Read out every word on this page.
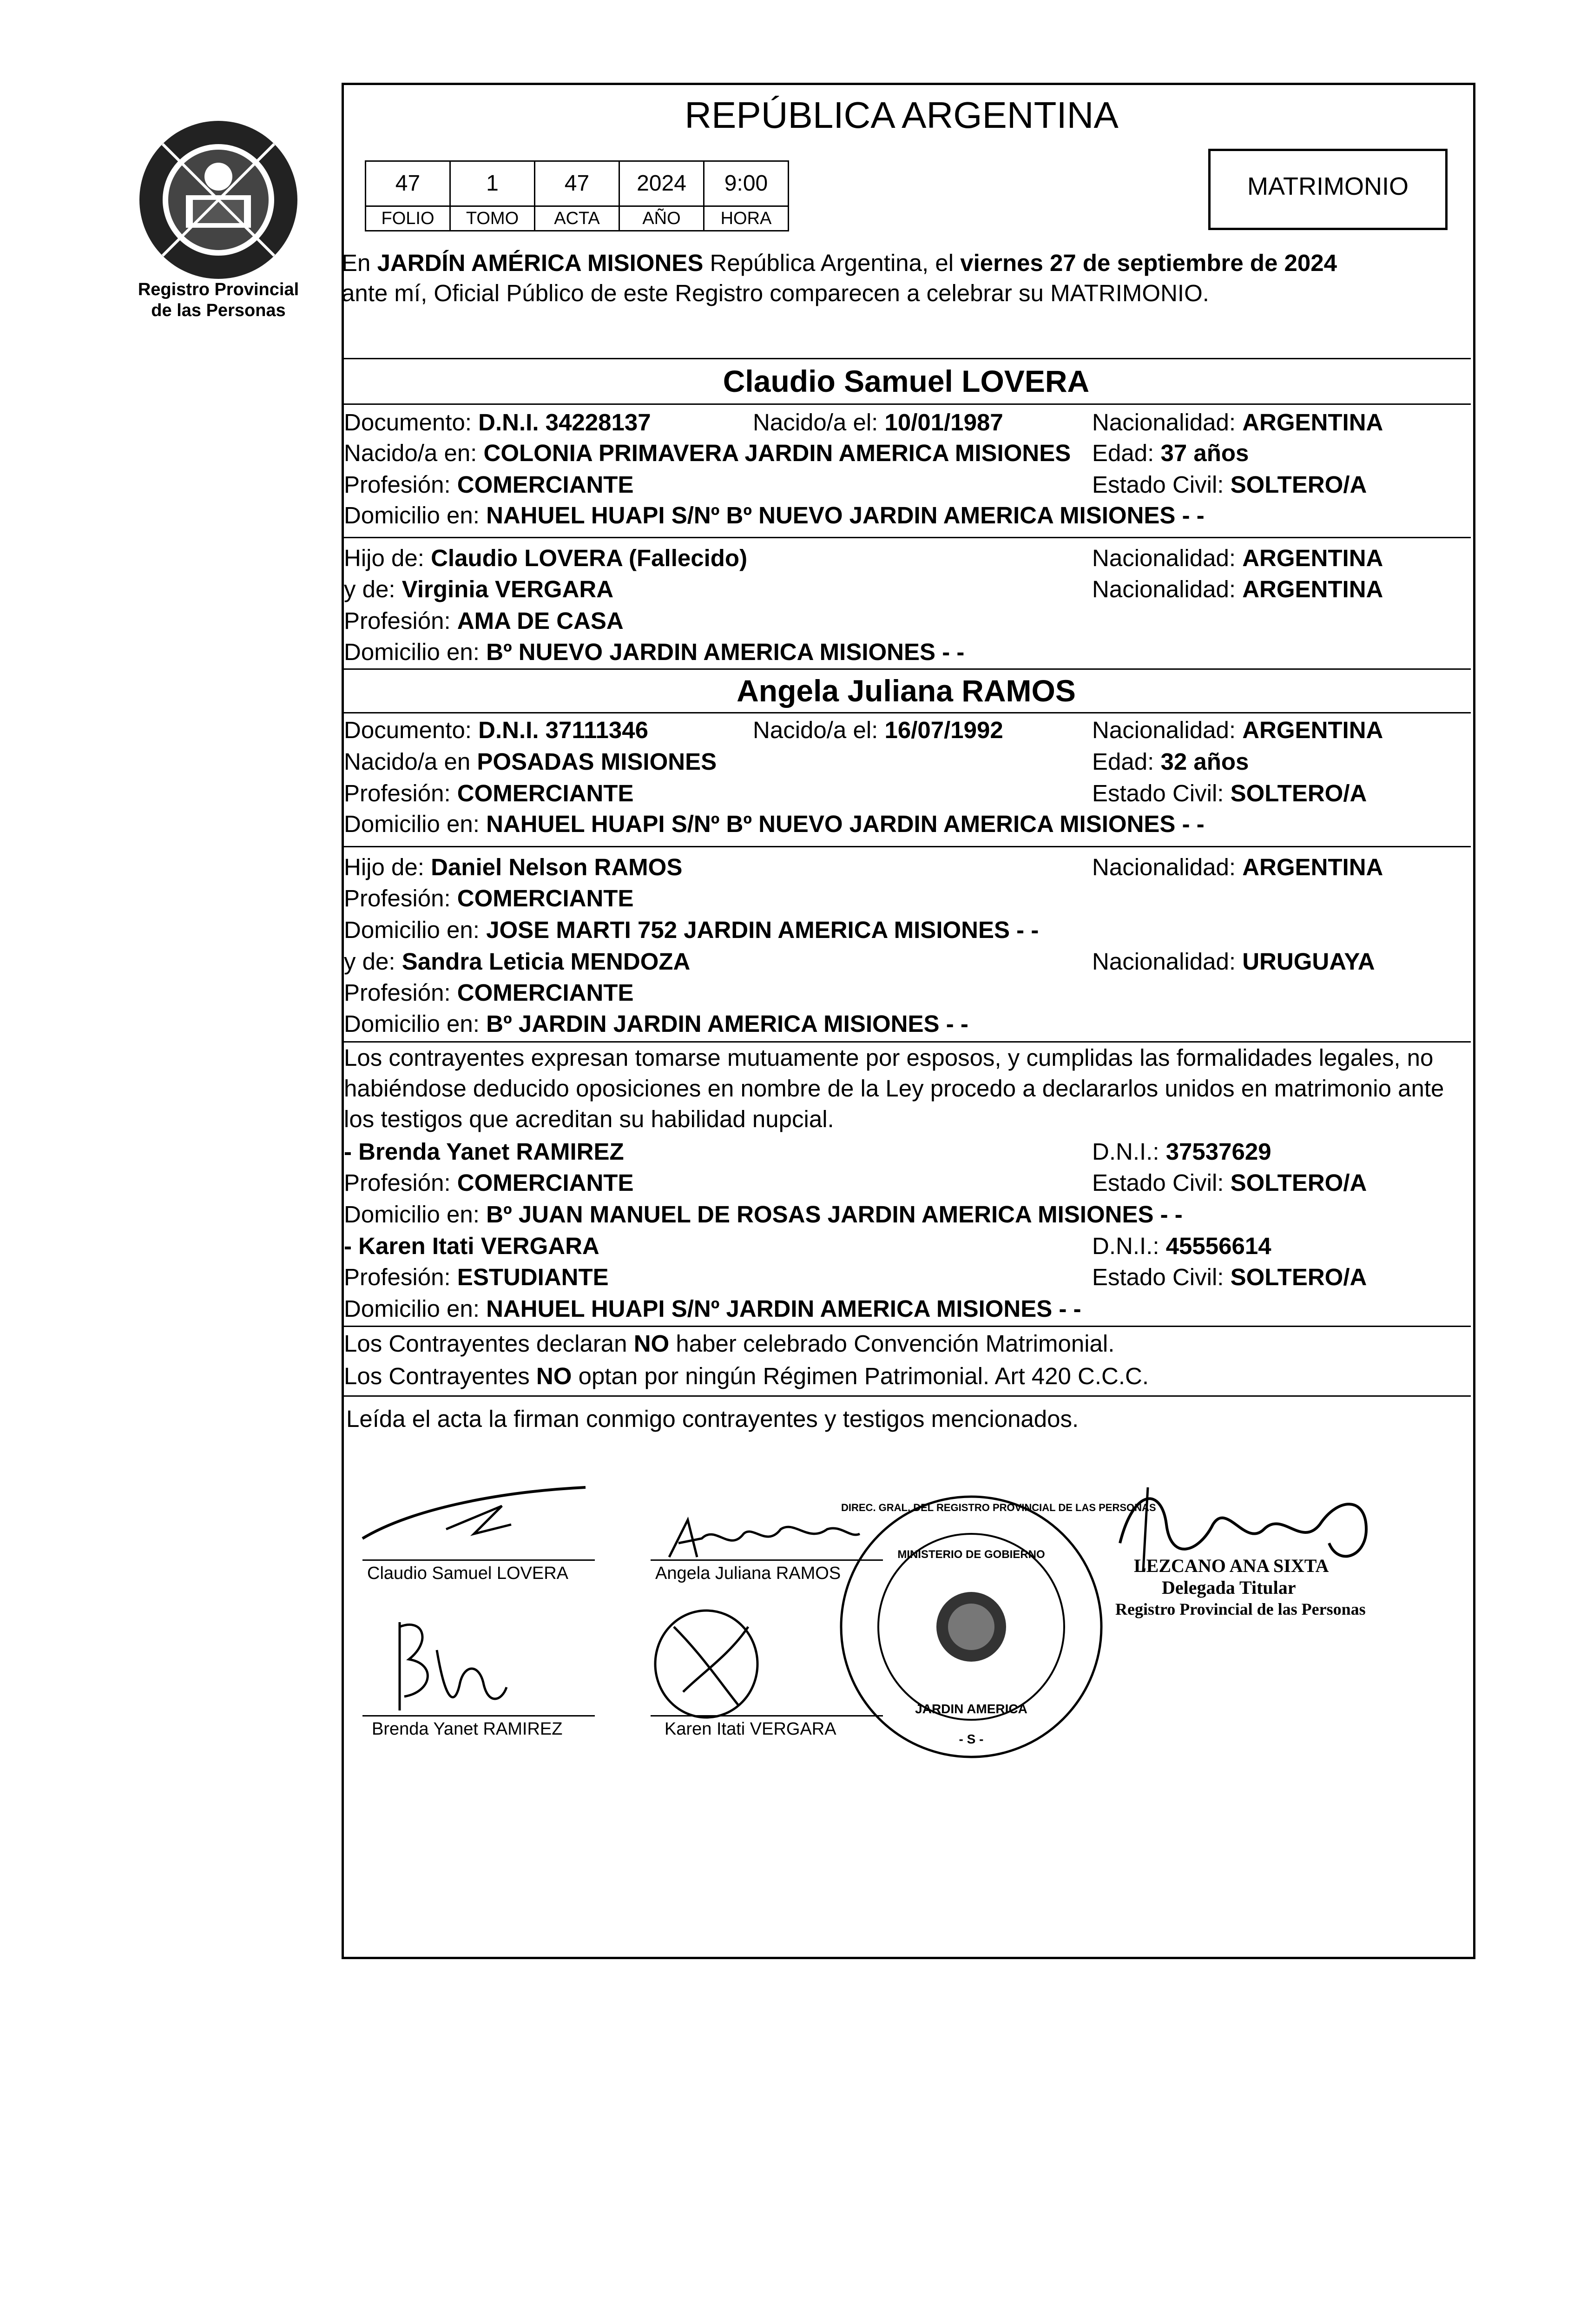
Registro Provincial
de las Personas
REPÚBLICA ARGENTINA
47	1	47	2024	9:00
FOLIO	TOMO	ACTA	AÑO	HORA
MATRIMONIO
En JARDÍN AMÉRICA MISIONES República Argentina, el viernes 27 de septiembre de 2024
ante mí, Oficial Público de este Registro comparecen a celebrar su MATRIMONIO.
Claudio Samuel LOVERA
Documento: D.N.I. 34228137	Nacido/a el: 10/01/1987	Nacionalidad: ARGENTINA
Nacido/a en: COLONIA PRIMAVERA JARDIN AMERICA MISIONES Edad: 37 años
Profesión: COMERCIANTE	Estado Civil: SOLTERO/A
Domicilio en: NAHUEL HUAPI S/Nº Bº NUEVO JARDIN AMERICA MISIONES - -
Hijo de: Claudio LOVERA (Fallecido)	Nacionalidad: ARGENTINA
y de: Virginia VERGARA	Nacionalidad: ARGENTINA
Profesión: AMA DE CASA
Domicilio en: Bº NUEVO JARDIN AMERICA MISIONES - -
Angela Juliana RAMOS
Documento: D.N.I. 37111346	Nacido/a el: 16/07/1992	Nacionalidad: ARGENTINA
Nacido/a en POSADAS MISIONES	Edad: 32 años
Profesión: COMERCIANTE	Estado Civil: SOLTERO/A
Domicilio en: NAHUEL HUAPI S/Nº Bº NUEVO JARDIN AMERICA MISIONES - -
Hijo de: Daniel Nelson RAMOS	Nacionalidad: ARGENTINA
Profesión: COMERCIANTE
Domicilio en: JOSE MARTI 752 JARDIN AMERICA MISIONES - -
y de: Sandra Leticia MENDOZA	Nacionalidad: URUGUAYA
Profesión: COMERCIANTE
Domicilio en: Bº JARDIN JARDIN AMERICA MISIONES - -
Los contrayentes expresan tomarse mutuamente por esposos, y cumplidas las formalidades legales, no
habiéndose deducido oposiciones en nombre de la Ley procedo a declararlos unidos en matrimonio ante
los testigos que acreditan su habilidad nupcial.
- Brenda Yanet RAMIREZ	D.N.I.: 37537629
Profesión: COMERCIANTE	Estado Civil: SOLTERO/A
Domicilio en: Bº JUAN MANUEL DE ROSAS JARDIN AMERICA MISIONES - -
- Karen Itati VERGARA	D.N.I.: 45556614
Profesión: ESTUDIANTE	Estado Civil: SOLTERO/A
Domicilio en: NAHUEL HUAPI S/Nº JARDIN AMERICA MISIONES - -
Los Contrayentes declaran NO haber celebrado Convención Matrimonial.
Los Contrayentes NO optan por ningún Régimen Patrimonial. Art 420 C.C.C.
Leída el acta la firman conmigo contrayentes y testigos mencionados.
Claudio Samuel LOVERA	Angela Juliana RAMOS
Brenda Yanet RAMIREZ	Karen Itati VERGARA
DIREC. GRAL. DEL REGISTRO PROVINCIAL DE LAS PERSONAS
MINISTERIO DE GOBIERNO
JARDIN AMERICA
- S -
LEZCANO ANA SIXTA
Delegada Titular
Registro Provincial de las Personas
